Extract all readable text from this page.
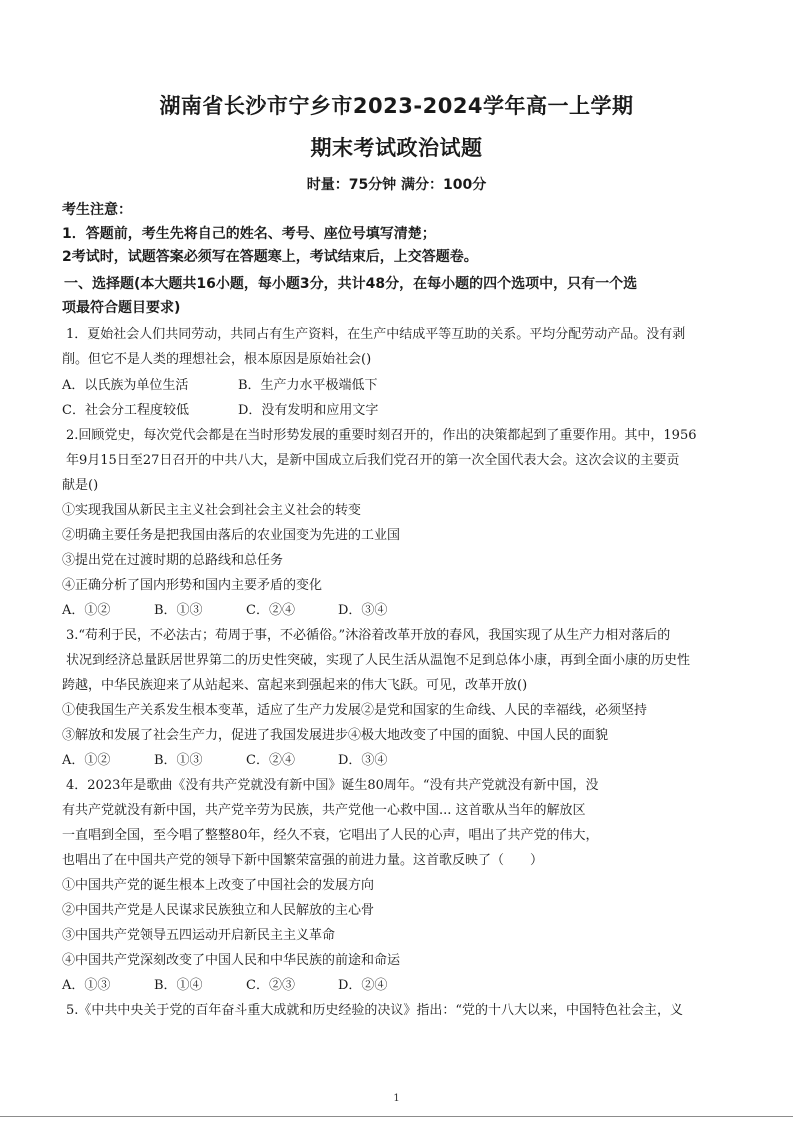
湖南省长沙市宁乡市2023-2024学年高一上学期
期末考试政治试题
时量：75分钟 满分：100分
考生注意：
1．答题前，考生先将自己的姓名、考号、座位号填写清楚；
2考试时，试题答案必须写在答题寒上，考试结束后，上交答题卷。
一、选择题(本大题共16小题，每小题3分，共计48分，在每小题的四个选项中，只有一个选
项最符合题目要求)
1．夏始社会人们共同劳动，共同占有生产资料，在生产中结成平等互助的关系。平均分配劳动产品。没有剥
削。但它不是人类的理想社会，根本原因是原始社会()
A．以氏族为单位生活	B．生产力水平极端低下
C．社会分工程度较低	D．没有发明和应用文字
2.回顾党史，每次党代会都是在当时形势发展的重要时刻召开的，作出的决策都起到了重要作用。其中，1956
年9月15日至27日召开的中共八大，是新中国成立后我们党召开的第一次全国代表大会。这次会议的主要贡
献是()
①实现我国从新民主主义社会到社会主义社会的转变
②明确主要任务是把我国由落后的农业国变为先进的工业国
③提出党在过渡时期的总路线和总任务
④正确分析了国内形势和国内主要矛盾的变化
A．①②	B．①③	C．②④	D．③④
3.“苟利于民，不必法古；苟周于事，不必循俗。”沐浴着改革开放的春风，我国实现了从生产力相对落后的
状况到经济总量跃居世界第二的历史性突破，实现了人民生活从温饱不足到总体小康，再到全面小康的历史性
跨越，中华民族迎来了从站起来、富起来到强起来的伟大飞跃。可见，改革开放()
①使我国生产关系发生根本变革，适应了生产力发展②是党和国家的生命线、人民的幸福线，必须坚持
③解放和发展了社会生产力，促进了我国发展进步④极大地改变了中国的面貌、中国人民的面貌
A．①②	B．①③	C．②④	D．③④
4．2023年是歌曲《没有共产党就没有新中国》诞生80周年。“没有共产党就没有新中国，没
有共产党就没有新中国，共产党辛劳为民族，共产党他一心救中国... 这首歌从当年的解放区
一直唱到全国，至今唱了整整80年，经久不衰，它唱出了人民的心声，唱出了共产党的伟大，
也唱出了在中国共产党的领导下新中国繁荣富强的前进力量。这首歌反映了（　　）
①中国共产党的诞生根本上改变了中国社会的发展方向
②中国共产党是人民谋求民族独立和人民解放的主心骨
③中国共产党领导五四运动开启新民主主义革命
④中国共产党深刻改变了中国人民和中华民族的前途和命运
A．①③	B．①④	C．②③	D．②④
5.《中共中央关于党的百年奋斗重大成就和历史经验的决议》指出：“党的十八大以来，中国特色社会主，义
1
